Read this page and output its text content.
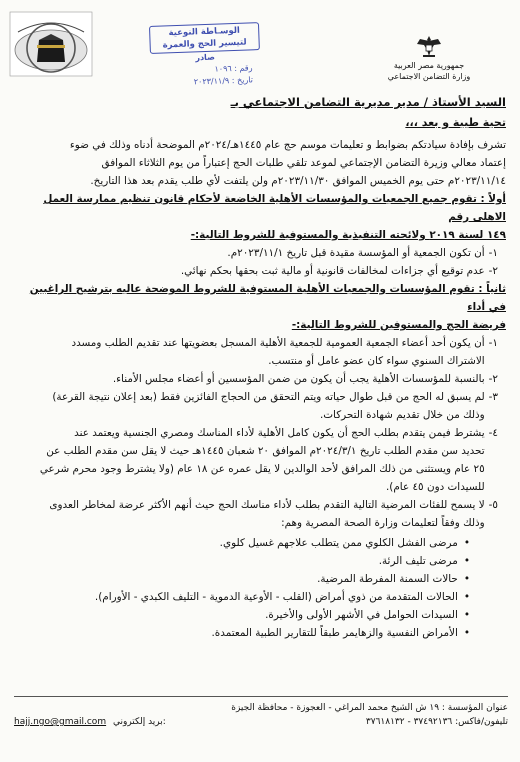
الوسـاطة النوعية لتيسير الحج والعمرة
صادر
رقم : ١٠٩٦
تاريخ : ٢٠٢٣/١١/٩
جمهورية مصر العربية
وزارة التضامن الاجتماعي
السيد الأستاذ / مدير مديرية التضامن الاجتماعي بـ
تحية طيبة و بعد ،،،
تشرف بإفادة سيادتكم بضوابط و تعليمات موسم حج عام ١٤٤٥هـ/٢٠٢٤م الموضحة أدناه وذلك في ضوء
إعتماد معالي وزيرة التضامن الإجتماعي لموعد تلقي طلبات الحج إعتباراً من يوم الثلاثاء الموافق
٢٠٢٣/١١/١٤م حتى يوم الخميس الموافق ٢٠٢٣/١١/٣٠م ولن يلتفت لأي طلب يقدم بعد هذا التاريخ.
أولاً : تقوم جميع الجمعيات والمؤسسات الأهلية الخاضعة لأحكام قانون تنظيم ممارسة العمل الاهلى رقم
١٤٩ لسنة ٢٠١٩ ولائحته التنفيذية والمستوفية للشروط التالية:-
١-
أن تكون الجمعية أو المؤسسة مقيدة قبل تاريخ ٢٠٢٣/١١/١م.
٢-
عدم توقيع أي جزاءات لمخالفات قانونية أو مالية ثبت بحقها بحكم نهائي.
ثانياً : تقوم المؤسسات والجمعيات الأهلية المستوفية للشروط الموضحة عاليه بترشيح الراغبين في أداء
فريضة الحج والمستوفين للشروط التالية:-
١-
أن يكون أحد أعضاء الجمعية العمومية للجمعية الأهلية المسجل بعضويتها عند تقديم الطلب ومسدد
الاشتراك السنوي سواء كان عضو عامل أو منتسب.
٢-
بالنسبة للمؤسسات الأهلية يجب أن يكون من ضمن المؤسسين أو أعضاء مجلس الأمناء.
٣-
لم يسبق له الحج من قبل طوال حياته ويتم التحقق من الحجاج الفائزين فقط (بعد إعلان نتيجة القرعة)
وذلك من خلال تقديم شهادة التحركات.
٤-
يشترط فيمن يتقدم بطلب الحج أن يكون كامل الأهلية لأداء المناسك ومصري الجنسية ويعتمد عند
تحديد سن مقدم الطلب تاريخ ٢٠٢٤/٣/١م الموافق ٢٠ شعبان ١٤٤٥هـ حيث لا يقل سن مقدم الطلب عن
٢٥ عام ويستثنى من ذلك المرافق لأحد الوالدين لا يقل عمره عن ١٨ عام (ولا يشترط وجود محرم شرعي
للسيدات دون ٤٥ عام).
٥-
لا يسمح للفئات المرضية التالية التقدم بطلب لأداء مناسك الحج حيث أنهم الأكثر عرضة لمخاطر العدوى
وذلك وفقاً لتعليمات وزارة الصحة المصرية وهم:
• مرضى الفشل الكلوي ممن يتطلب علاجهم غسيل كلوي.
• مرضى تليف الرئة.
• حالات السمنة المفرطة المرضية.
• الحالات المتقدمة من ذوي أمراض (القلب - الأوعية الدموية - التليف الكبدي - الأورام).
• السيدات الحوامل في الأشهر الأولى والأخيرة.
• الأمراض النفسية والزهايمر طبقاً للتقارير الطبية المعتمدة.
عنوان المؤسسة : ١٩ ش الشيخ محمد المراغي - العجوزة - محافظة الجيزة
تليفون/فاكس: ٣٧٤٩٢١٣٦ - ٣٧٦١٨١٣٢
hajj.ngo@gmail.com بريد إلكتروني:
